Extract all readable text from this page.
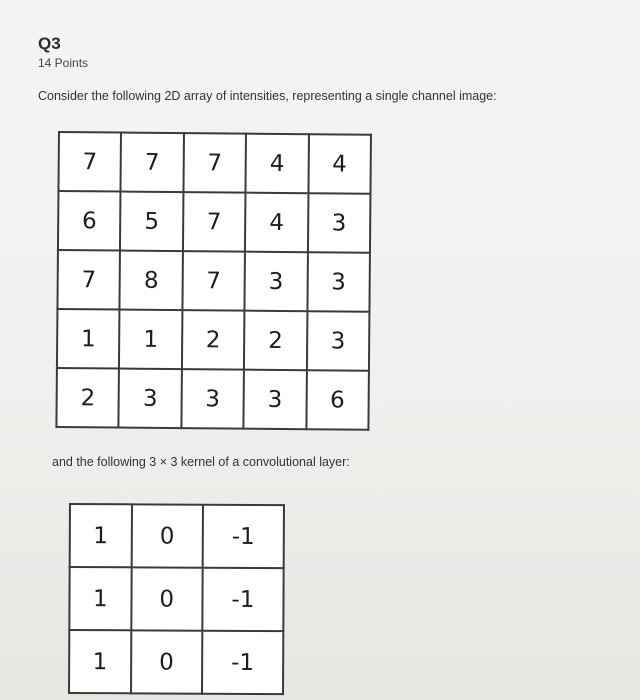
Q3
14 Points
Consider the following 2D array of intensities, representing a single channel image:
7	7	7	4	4
6	5	7	4	3
7	8	7	3	3
1	1	2	2	3
2	3	3	3	6
and the following 3 × 3 kernel of a convolutional layer:
1	0	-1
1	0	-1
1	0	-1
